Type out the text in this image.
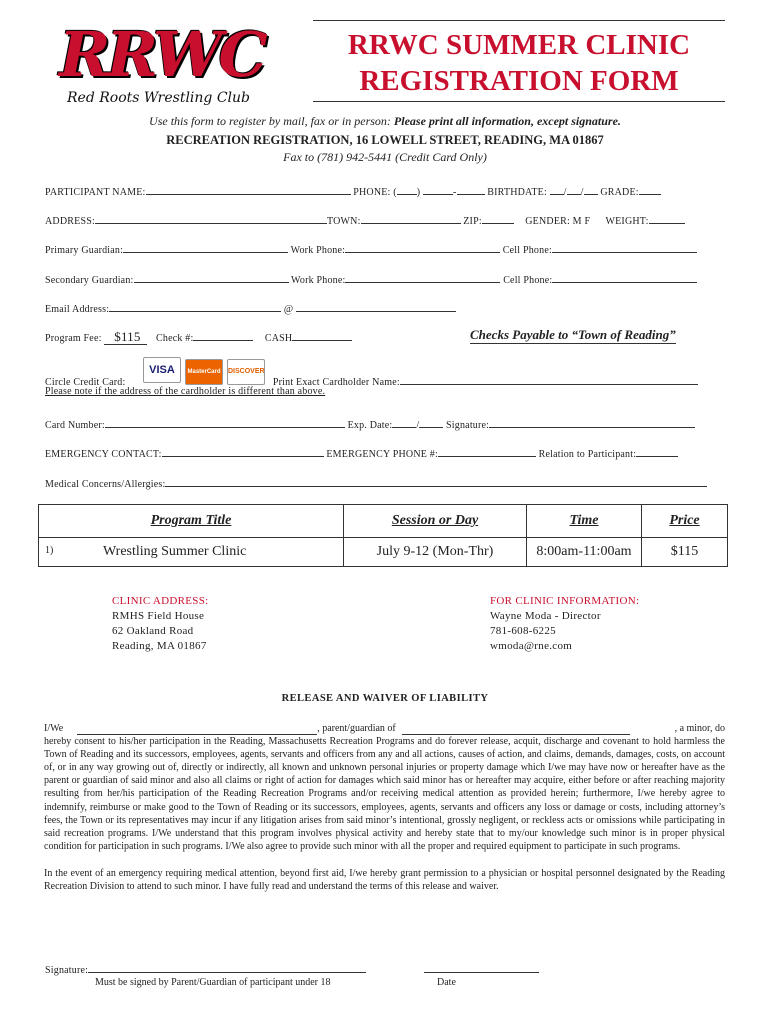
RRWC
Red Roots Wrestling Club
RRWC SUMMER CLINIC
REGISTRATION FORM
Use this form to register by mail, fax or in person: Please print all information, except signature.
RECREATION REGISTRATION, 16 LOWELL STREET, READING, MA 01867
Fax to (781) 942-5441 (Credit Card Only)
PARTICIPANT NAME:	PHONE: ( )	-	BIRTHDATE: / / GRADE:
ADDRESS:	TOWN:	ZIP:	GENDER: M F WEIGHT:
Primary Guardian:	Work Phone:	Cell Phone:
Secondary Guardian:	Work Phone:	Cell Phone:
Email Address:	@
Program Fee: $115 Check #:	CASH	Checks Payable to “Town of Reading”
VISA MasterCard DISCOVER
Circle Credit Card:	Print Exact Cardholder Name:
Please note if the address of the cardholder is different than above.
Card Number:	Exp. Date: /	Signature:
EMERGENCY CONTACT:	EMERGENCY PHONE #:	Relation to Participant:
Medical Concerns/Allergies:
Program Title	Session or Day	Time	Price

1) Wrestling Summer Clinic	July 9-12 (Mon-Thr)	8:00am-11:00am	$115
CLINIC ADDRESS:
RMHS Field House
62 Oakland Road
Reading, MA 01867
FOR CLINIC INFORMATION:
Wayne Moda - Director
781-608-6225
wmoda@rne.com
RELEASE AND WAIVER OF LIABILITY

I/We	, parent/guardian of	, a minor, do
hereby consent to his/her participation in the Reading, Massachusetts Recreation Programs and do forever release, acquit, discharge and covenant to hold harmless the Town of Reading and its successors, employees, agents, servants and officers from any and all actions, causes of action, and claims, demands, damages, costs, on account of, or in any way growing out of, directly or indirectly, all known and unknown personal injuries or property damage which I/we may have now or hereafter have as the parent or guardian of said minor and also all claims or right of action for damages which said minor has or hereafter may acquire, either before or after reaching majority resulting from her/his participation of the Reading Recreation Programs and/or receiving medical attention as provided herein; furthermore, I/we hereby agree to indemnify, reimburse or make good to the Town of Reading or its successors, employees, agents, servants and officers any loss or damage or costs, including attorney’s fees, the Town or its representatives may incur if any litigation arises from said minor’s intentional, grossly negligent, or reckless acts or omissions while participating in said recreation programs. I/We understand that this program involves physical activity and hereby state that to my/our knowledge such minor is in proper physical condition for participation in such programs. I/We also agree to provide such minor with all the proper and required equipment to participate in such programs.

In the event of an emergency requiring medical attention, beyond first aid, I/we hereby grant permission to a physician or hospital personnel designated by the Reading Recreation Division to attend to such minor. I have fully read and understand the terms of this release and waiver.

Signature:
Must be signed by Parent/Guardian of participant under 18	Date
